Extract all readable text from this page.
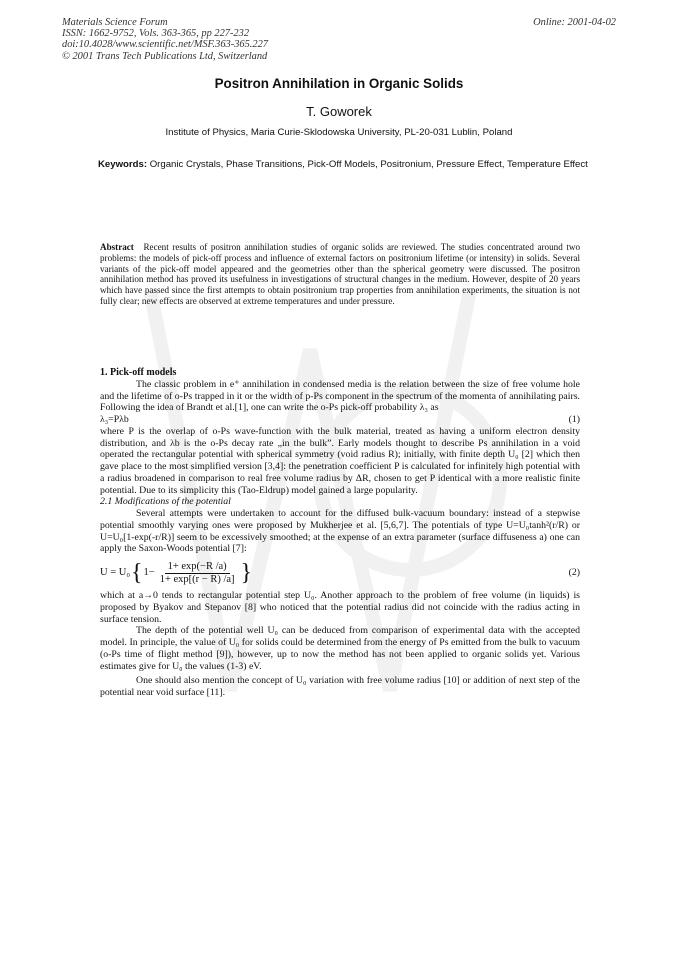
Materials Science Forum
ISSN: 1662-9752, Vols. 363-365, pp 227-232
doi:10.4028/www.scientific.net/MSF.363-365.227
© 2001 Trans Tech Publications Ltd, Switzerland
Online: 2001-04-02
Positron Annihilation in Organic Solids
T. Goworek
Institute of Physics, Maria Curie-Sklodowska University, PL-20-031 Lublin, Poland
Keywords: Organic Crystals, Phase Transitions, Pick-Off Models, Positronium, Pressure Effect, Temperature Effect
Abstract Recent results of positron annihilation studies of organic solids are reviewed. The studies concentrated around two problems: the models of pick-off process and influence of external factors on positronium lifetime (or intensity) in solids. Several variants of the pick-off model appeared and the geometries other than the spherical geometry were discussed. The positron annihilation method has proved its usefulness in investigations of structural changes in the medium. However, despite of 20 years which have passed since the first attempts to obtain positronium trap properties from annihilation experiments, the situation is not fully clear; new effects are observed at extreme temperatures and under pressure.
1. Pick-off models

The classic problem in e⁺ annihilation in condensed media is the relation between the size of free volume hole and the lifetime of o-Ps trapped in it or the width of p-Ps component in the spectrum of the momenta of annihilating pairs. Following the idea of Brandt et al.[1], one can write the o-Ps pick-off probability λ₃ as

λ₃=Pλb	(1)

where P is the overlap of o-Ps wave-function with the bulk material, treated as having a uniform electron density distribution, and λb is the o-Ps decay rate „in the bulk”. Early models thought to describe Ps annihilation in a void operated the rectangular potential with spherical symmetry (void radius R); initially, with finite depth U₀ [2] which then gave place to the most simplified version [3,4]: the penetration coefficient P is calculated for infinitely high potential with a radius broadened in comparison to real free volume radius by ΔR, chosen to get P identical with a more realistic finite potential. Due to its simplicity this (Tao-Eldrup) model gained a large popularity.

2.1 Modifications of the potential

Several attempts were undertaken to account for the diffused bulk-vacuum boundary: instead of a stepwise potential smoothly varying ones were proposed by Mukherjee et al. [5,6,7]. The potentials of type U=U₀tanh²(r/R) or U=U₀[1-exp(-r/R)] seem to be excessively smoothed; at the expense of an extra parameter (surface diffuseness a) one can apply the Saxon-Woods potential [7]:

U = U₀ { $1- \frac{1+ \exp(-R /a)}{1+ \exp[(r - R) /a]}$ }	(2)

which at a→0 tends to rectangular potential step U₀. Another approach to the problem of free volume (in liquids) is proposed by Byakov and Stepanov [8] who noticed that the potential radius did not coincide with the radius acting in surface tension.

The depth of the potential well U₀ can be deduced from comparison of experimental data with the accepted model. In principle, the value of U₀ for solids could be determined from the energy of Ps emitted from the bulk to vacuum (o-Ps time of flight method [9]), however, up to now the method has not been applied to organic solids yet. Various estimates give for U₀ the values (1-3) eV.

One should also mention the concept of U₀ variation with free volume radius [10] or addition of next step of the potential near void surface [11].
